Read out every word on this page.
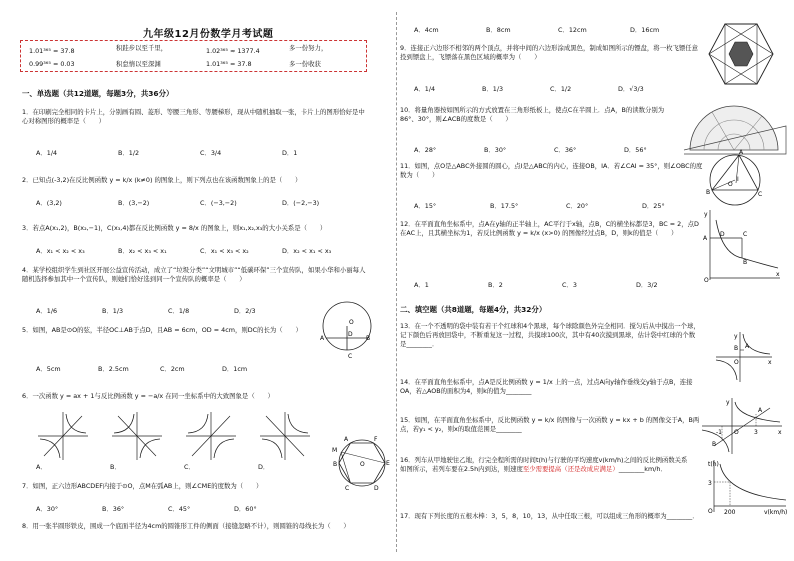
九年级12月份数学月考试题
1.01³⁶⁵ = 37.8	积跬步以至千里，	1.02³⁶⁵ ≈ 1377.4	多一份努力，
0.99³⁶⁵ = 0.03	积怠惰以至深渊	1.01³⁶⁵ = 37.8	多一份收获
一、单选题（共12道题，每题3分，共36分）
1．在印刷完全相同的卡片上，分别画有圆、菱形、等腰三角形、等腰梯形，现从中随机抽取一张，卡片上的图形恰好是中心对称图形的概率是（　　）
A．1/4	B．1/2	C．3/4	D．1
2．已知点(-3,2)在反比例函数 y = k/x (k≠0) 的图象上，则下列点也在该函数图象上的是（　　）
A．(3,2)	B．(3,−2)	C．(−3,−2)	D．(−2,−3)
3．若点A(x₁,2)，B(x₂,−1)，C(x₃,4)都在反比例函数 y = 8/x 的图象上，则x₁,x₂,x₃的大小关系是（　　）
A．x₁ < x₂ < x₃	B．x₂ < x₃ < x₁	C．x₁ < x₃ < x₂	D．x₂ < x₁ < x₃
4．某学校组织学生到社区开展公益宣传活动，成立了“垃圾分类”“文明城市”“低碳环保”三个宣传队，如果小华和小丽每人随机选择参加其中一个宣传队，则她们恰好选到同一个宣传队的概率是（　　）
A．1/6	B．1/3	C．1/8	D．2/3
5．如图，AB是⊙O的弦，半径OC⊥AB于点D，且AB = 6cm，OD = 4cm，则DC的长为（　　）
A．5cm	B．2.5cm	C．2cm	D．1cm
O
A	B
D
C
6．一次函数 y = ax + 1与反比例函数 y = −a/x 在同一坐标系中的大致图象是（　　）
A．	B．	C．	D．
7．如图，正六边形ABCDEF内接于⊙O，点M在弧AB上，则∠CME的度数为（　　）
A．30°	B．36°	C．45°	D．60°
M
A	F
E
D
C
B	O
8．用一张半圆形铁皮，围成一个底面半径为4cm的圆锥形工件的侧面（接缝忽略不计），则圆锥的母线长为（　　）
A．4cm	B．8cm	C．12cm	D．16cm
9．连接正六边形不相邻的两个顶点，并将中间的六边形涂成黑色，制成如图所示的镖盘，将一枚飞镖任意投到镖盘上，飞镖落在黑色区域的概率为（　　）
A．1/4	B．1/3	C．1/2	D．√3/3
10．将量角器按如图所示的方式放置在三角形纸板上，使点C在半圆上．点A，B的读数分别为 86°、30°，则∠ACB的度数是（　　）
A．28°	B．30°	C．36°	D．56°
11．如图，点O是△ABC外接圆的圆心，点I是△ABC的内心，连接OB，IA．若∠CAI = 35°，则∠OBC的度数为（　　）
A．15°	B．17.5°	C．20°	D．25°
A
B	C
I
O
12．在平面直角坐标系中，点A在y轴的正半轴上，AC平行于x轴，点B，C的横坐标都是3，BC = 2，点D在AC上，且其横坐标为1，若反比例函数 y = k/x (x>0) 的图像经过点B，D，则k的值是（　　）
A．1	B．2	C．3	D．3/2
y
x
O
A
D	C
B
二、填空题（共8道题，每题4分，共32分）
13．在一个不透明的袋中装有若干个红球和4个黑球，每个球除颜色外完全相同．搅匀后从中摸出一个球，记下颜色后再放回袋中，不断重复这一过程，共摸球100次，其中有40次摸到黑球，估计袋中红球的个数是________．
y
x
O
B A
14．在平面直角坐标系中，点A是反比例函数 y = 1/x 上的一点，过点A向y轴作垂线交y轴于点B，连接OA，若△AOB的面积为4，则k的值为________
15．如图，在平面直角坐标系中，反比例函数 y = k/x 的图像与一次函数 y = kx + b 的图像交于A，B两点，若y₁ < y₂，则x的取值范围是________
y
x
O
-1	3
A
B
16．列车从甲地驶往乙地，行完全程所需的时间t(h)与行驶的平均速度v(km/h)之间的反比例函数关系如图所示，若列车要在2.5h内到达，则速度至少需要提高（还是改成应满足）________km/h．
t(h)
v(km/h)
3
200
O
17．现有下列长度的五根木棒：3，5，8，10，13，从中任取三根，可以组成三角形的概率为________．
